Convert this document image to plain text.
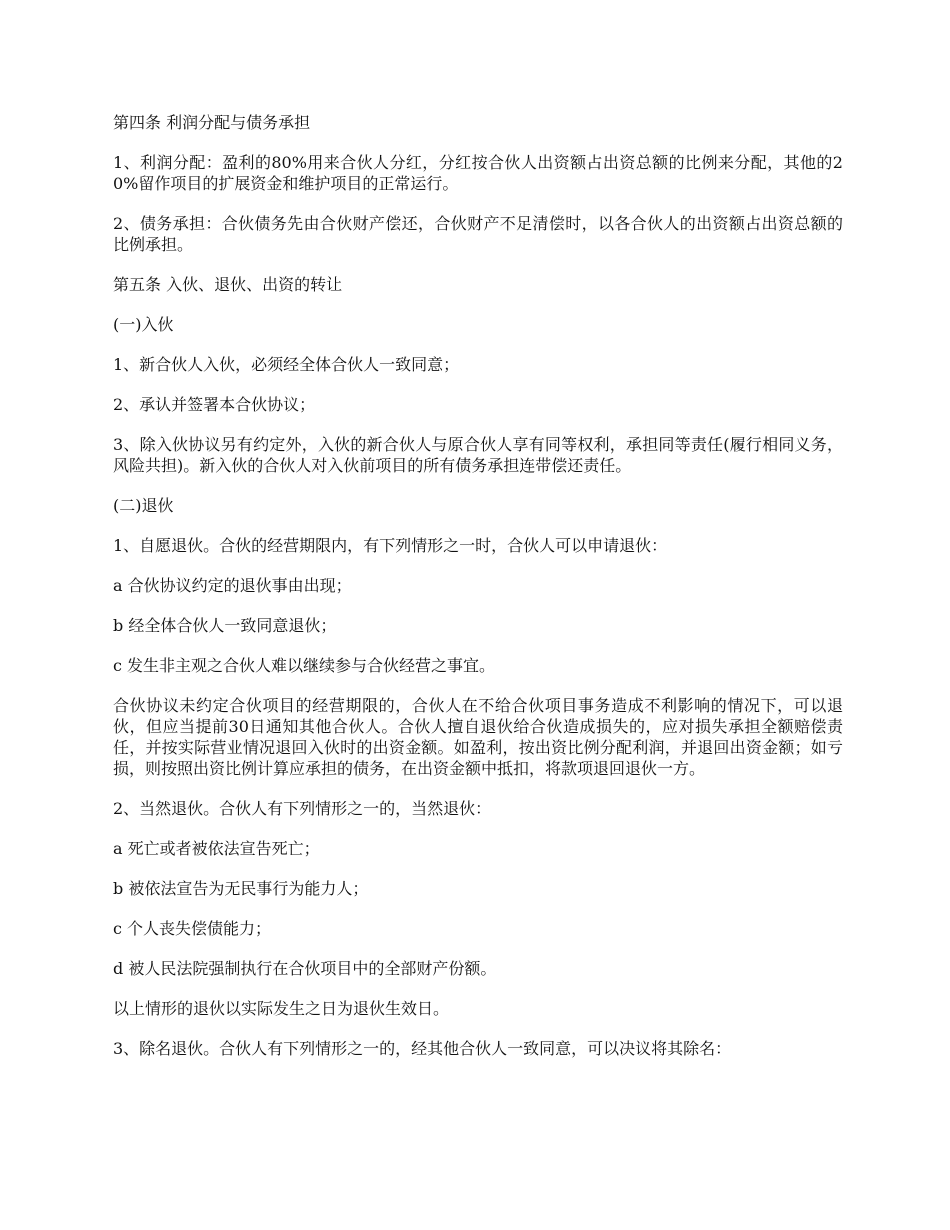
第四条 利润分配与债务承担

1、利润分配：盈利的80%用来合伙人分红，分红按合伙人出资额占出资总额的比例来分配，其他的20%留作项目的扩展资金和维护项目的正常运行。

2、债务承担：合伙债务先由合伙财产偿还，合伙财产不足清偿时，以各合伙人的出资额占出资总额的比例承担。

第五条 入伙、退伙、出资的转让

(一)入伙

1、新合伙人入伙，必须经全体合伙人一致同意；

2、承认并签署本合伙协议；

3、除入伙协议另有约定外，入伙的新合伙人与原合伙人享有同等权利，承担同等责任(履行相同义务，风险共担)。新入伙的合伙人对入伙前项目的所有债务承担连带偿还责任。

(二)退伙

1、自愿退伙。合伙的经营期限内，有下列情形之一时，合伙人可以申请退伙：

a 合伙协议约定的退伙事由出现；

b 经全体合伙人一致同意退伙；

c 发生非主观之合伙人难以继续参与合伙经营之事宜。

合伙协议未约定合伙项目的经营期限的，合伙人在不给合伙项目事务造成不利影响的情况下，可以退伙，但应当提前30日通知其他合伙人。合伙人擅自退伙给合伙造成损失的，应对损失承担全额赔偿责任，并按实际营业情况退回入伙时的出资金额。如盈利，按出资比例分配利润，并退回出资金额；如亏损，则按照出资比例计算应承担的债务，在出资金额中抵扣，将款项退回退伙一方。

2、当然退伙。合伙人有下列情形之一的，当然退伙：

a 死亡或者被依法宣告死亡；

b 被依法宣告为无民事行为能力人；

c 个人丧失偿债能力；

d 被人民法院强制执行在合伙项目中的全部财产份额。

以上情形的退伙以实际发生之日为退伙生效日。

3、除名退伙。合伙人有下列情形之一的，经其他合伙人一致同意，可以决议将其除名：
